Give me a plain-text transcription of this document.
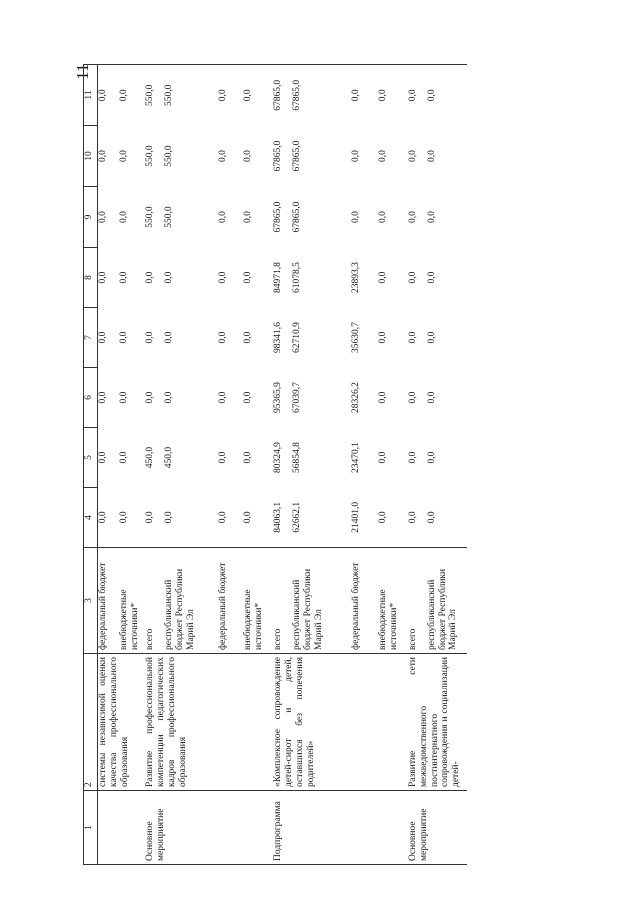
11
1	2	3	4	5	6	7	8	9	10	11
	системы независимой оценки качества профессионального образования	федеральный бюджет	0,0	0,0	0,0	0,0	0,0	0,0	0,0	0,0
		внебюджетные источники*	0,0	0,0	0,0	0,0	0,0	0,0	0,0	0,0
Основное мероприятие	Развитие профессиональной компетенции педагогических кадров профессионального образования	всего	0,0	450,0	0,0	0,0	0,0	550,0	550,0	550,0
		республиканский бюджет Республики Марий Эл	0,0	450,0	0,0	0,0	0,0	550,0	550,0	550,0
		федеральный бюджет	0,0	0,0	0,0	0,0	0,0	0,0	0,0	0,0
		внебюджетные источники*	0,0	0,0	0,0	0,0	0,0	0,0	0,0	0,0
Подпрограмма	«Комплексное сопровождение детей-сирот и детей, оставшихся без попечения родителей»	всего	84063,1	80324,9	95365,9	98341,6	84971,8	67865,0	67865,0	67865,0
		республиканский бюджет Республики Марий Эл	62662,1	56854,8	67039,7	62710,9	61078,5	67865,0	67865,0	67865,0
		федеральный бюджет	21401,0	23470,1	28326,2	35630,7	23893,3	0,0	0,0	0,0
		внебюджетные источники*	0,0	0,0	0,0	0,0	0,0	0,0	0,0	0,0
Основное мероприятие	Развитие сети межведомственного постинтернатного сопровождения и социализации детей-	всего	0,0	0,0	0,0	0,0	0,0	0,0	0,0	0,0
		республиканский бюджет Республики Марий Эл	0,0	0,0	0,0	0,0	0,0	0,0	0,0	0,0
